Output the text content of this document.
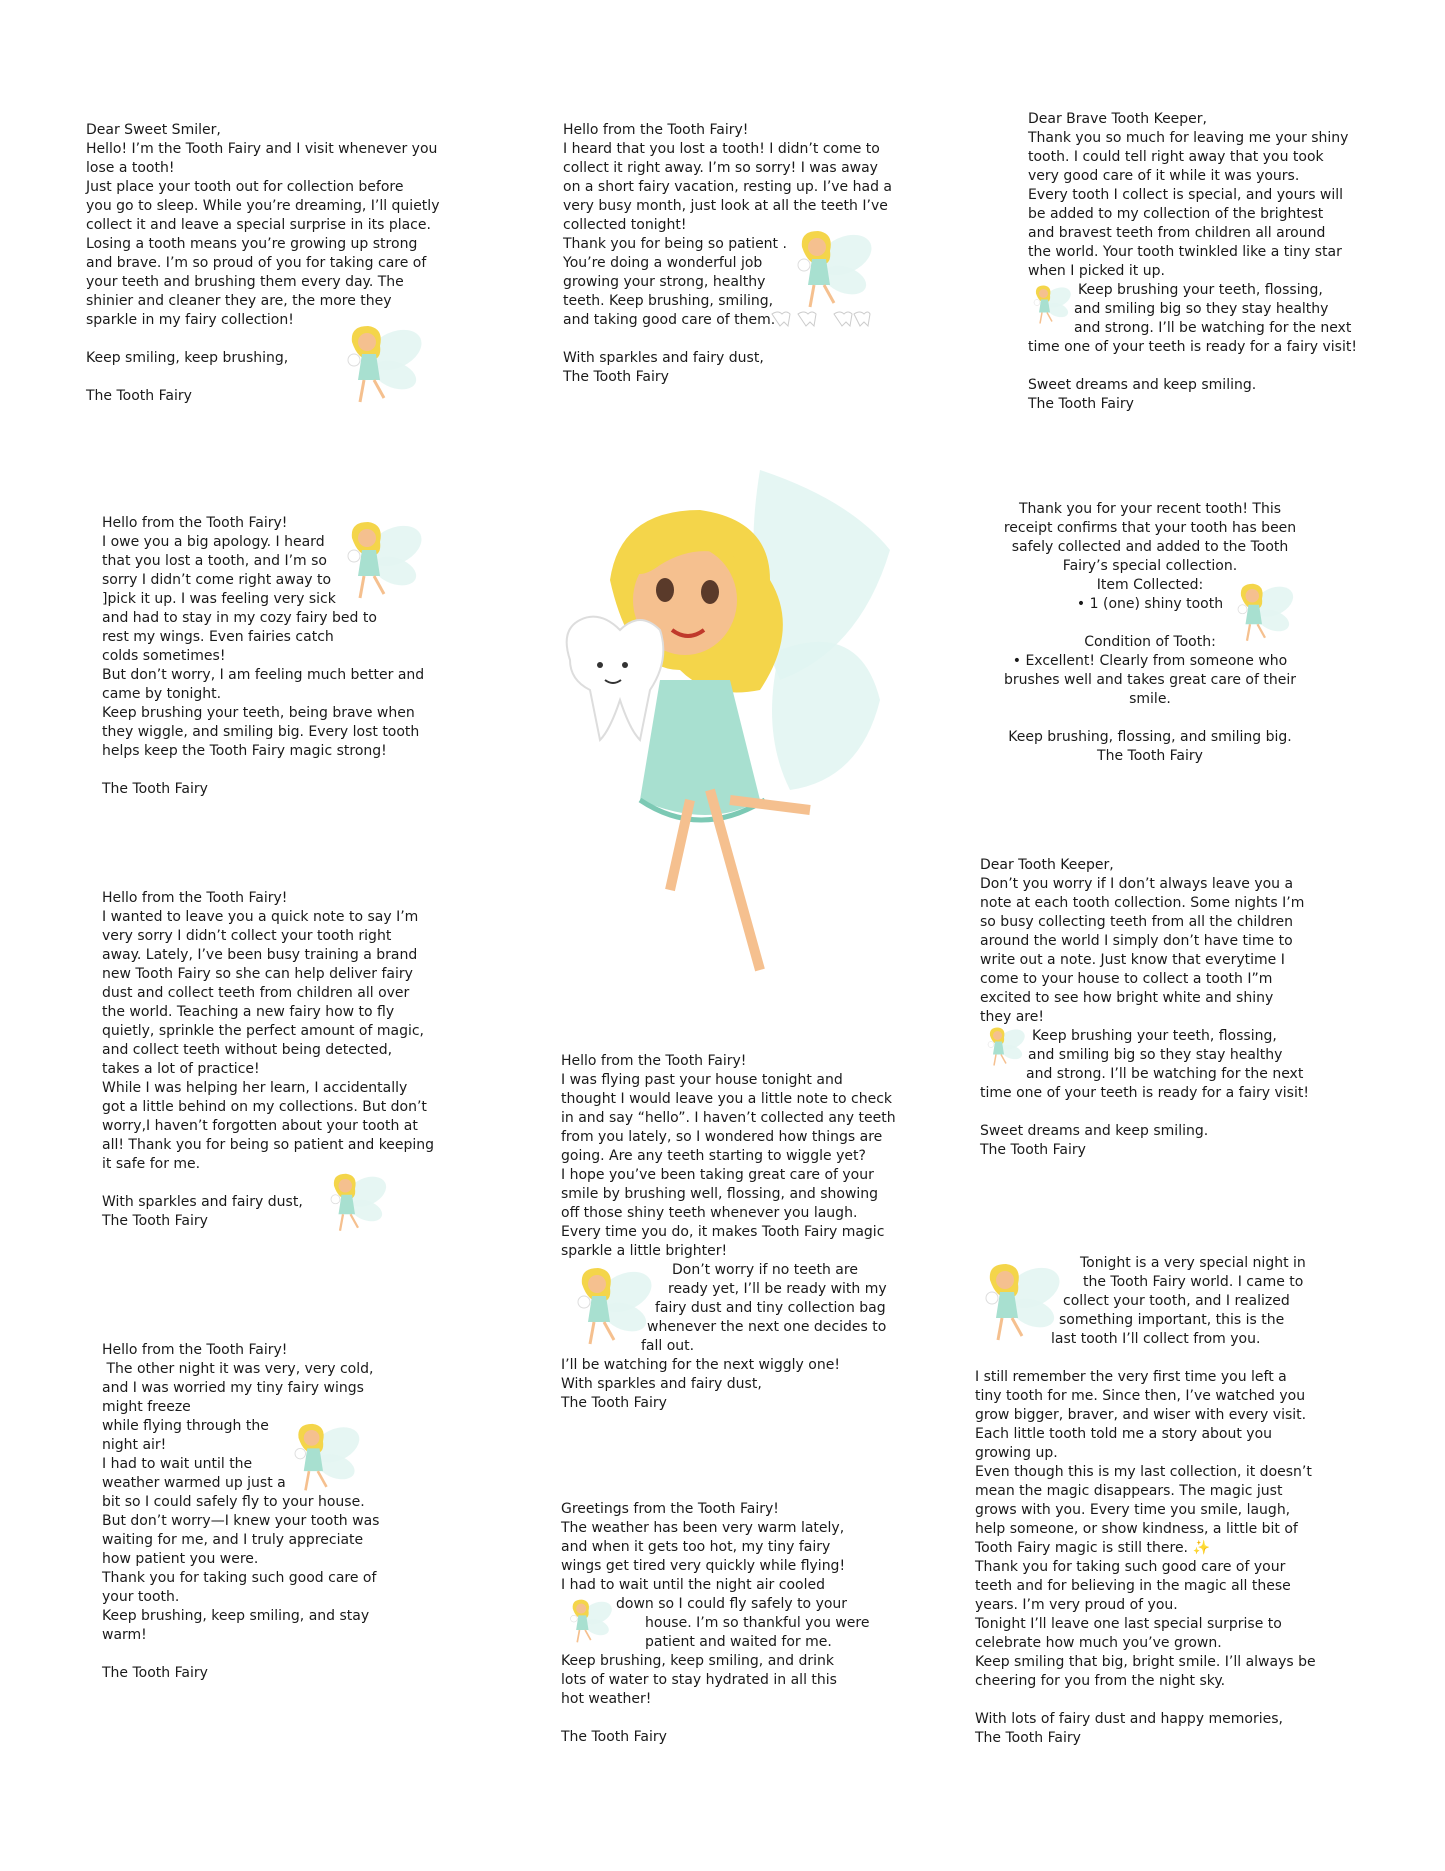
Dear Sweet Smiler,
Hello! I’m the Tooth Fairy and I visit whenever you
lose a tooth!
Just place your tooth out for collection before
you go to sleep. While you’re dreaming, I’ll quietly
collect it and leave a special surprise in its place.
Losing a tooth means you’re growing up strong
and brave. I’m so proud of you for taking care of
your teeth and brushing them every day. The
shinier and cleaner they are, the more they
sparkle in my fairy collection!
Keep smiling, keep brushing,
The Tooth Fairy
Hello from the Tooth Fairy!
I heard that you lost a tooth! I didn’t come to
collect it right away. I’m so sorry! I was away
on a short fairy vacation, resting up. I’ve had a
very busy month, just look at all the teeth I’ve
collected tonight!
Thank you for being so patient .
You’re doing a wonderful job
growing your strong, healthy
teeth. Keep brushing, smiling,
and taking good care of them.
With sparkles and fairy dust,
The Tooth Fairy
Dear Brave Tooth Keeper,
Thank you so much for leaving me your shiny
tooth. I could tell right away that you took
very good care of it while it was yours.
Every tooth I collect is special, and yours will
be added to my collection of the brightest
and bravest teeth from children all around
the world. Your tooth twinkled like a tiny star
when I picked it up.
Keep brushing your teeth, flossing,
and smiling big so they stay healthy
and strong. I’ll be watching for the next
time one of your teeth is ready for a fairy visit!
Sweet dreams and keep smiling.
The Tooth Fairy
Hello from the Tooth Fairy!
I owe you a big apology. I heard
that you lost a tooth, and I’m so
sorry I didn’t come right away to
]pick it up. I was feeling very sick
and had to stay in my cozy fairy bed to
rest my wings. Even fairies catch
colds sometimes!
But don’t worry, I am feeling much better and
came by tonight.
Keep brushing your teeth, being brave when
they wiggle, and smiling big. Every lost tooth
helps keep the Tooth Fairy magic strong!
The Tooth Fairy
Thank you for your recent tooth! This
receipt confirms that your tooth has been
safely collected and added to the Tooth
Fairy’s special collection.
Item Collected:
• 1 (one) shiny tooth
Condition of Tooth:
• Excellent! Clearly from someone who
brushes well and takes great care of their
smile.
Keep brushing, flossing, and smiling big.
The Tooth Fairy
Hello from the Tooth Fairy!
I wanted to leave you a quick note to say I’m
very sorry I didn’t collect your tooth right
away. Lately, I’ve been busy training a brand
new Tooth Fairy so she can help deliver fairy
dust and collect teeth from children all over
the world. Teaching a new fairy how to fly
quietly, sprinkle the perfect amount of magic,
and collect teeth without being detected,
takes a lot of practice!
While I was helping her learn, I accidentally
got a little behind on my collections. But don’t
worry,I haven’t forgotten about your tooth at
all! Thank you for being so patient and keeping
it safe for me.
With sparkles and fairy dust,
The Tooth Fairy
Dear Tooth Keeper,
Don’t you worry if I don’t always leave you a
note at each tooth collection. Some nights I’m
so busy collecting teeth from all the children
around the world I simply don’t have time to
write out a note. Just know that everytime I
come to your house to collect a tooth I”m
excited to see how bright white and shiny
they are!
Keep brushing your teeth, flossing,
and smiling big so they stay healthy
and strong. I’ll be watching for the next
time one of your teeth is ready for a fairy visit!
Sweet dreams and keep smiling.
The Tooth Fairy
Hello from the Tooth Fairy!
I was flying past your house tonight and
thought I would leave you a little note to check
in and say “hello”. I haven’t collected any teeth
from you lately, so I wondered how things are
going. Are any teeth starting to wiggle yet?
I hope you’ve been taking great care of your
smile by brushing well, flossing, and showing
off those shiny teeth whenever you laugh.
Every time you do, it makes Tooth Fairy magic
sparkle a little brighter!
Don’t worry if no teeth are
ready yet, I’ll be ready with my
fairy dust and tiny collection bag
whenever the next one decides to
fall out.
I’ll be watching for the next wiggly one!
With sparkles and fairy dust,
The Tooth Fairy
Hello from the Tooth Fairy!
The other night it was very, very cold,
and I was worried my tiny fairy wings
might freeze
while flying through the
night air!
I had to wait until the
weather warmed up just a
bit so I could safely fly to your house.
But don’t worry—I knew your tooth was
waiting for me, and I truly appreciate
how patient you were.
Thank you for taking such good care of
your tooth.
Keep brushing, keep smiling, and stay
warm!
The Tooth Fairy
Tonight is a very special night in
the Tooth Fairy world. I came to
collect your tooth, and I realized
something important, this is the
last tooth I’ll collect from you.
I still remember the very first time you left a
tiny tooth for me. Since then, I’ve watched you
grow bigger, braver, and wiser with every visit.
Each little tooth told me a story about you
growing up.
Even though this is my last collection, it doesn’t
mean the magic disappears. The magic just
grows with you. Every time you smile, laugh,
help someone, or show kindness, a little bit of
Tooth Fairy magic is still there. ✨
Thank you for taking such good care of your
teeth and for believing in the magic all these
years. I’m very proud of you.
Tonight I’ll leave one last special surprise to
celebrate how much you’ve grown.
Keep smiling that big, bright smile. I’ll always be
cheering for you from the night sky.
With lots of fairy dust and happy memories,
The Tooth Fairy
Greetings from the Tooth Fairy!
The weather has been very warm lately,
and when it gets too hot, my tiny fairy
wings get tired very quickly while flying!
I had to wait until the night air cooled
down so I could fly safely to your
house. I’m so thankful you were
patient and waited for me.
Keep brushing, keep smiling, and drink
lots of water to stay hydrated in all this
hot weather!
The Tooth Fairy
